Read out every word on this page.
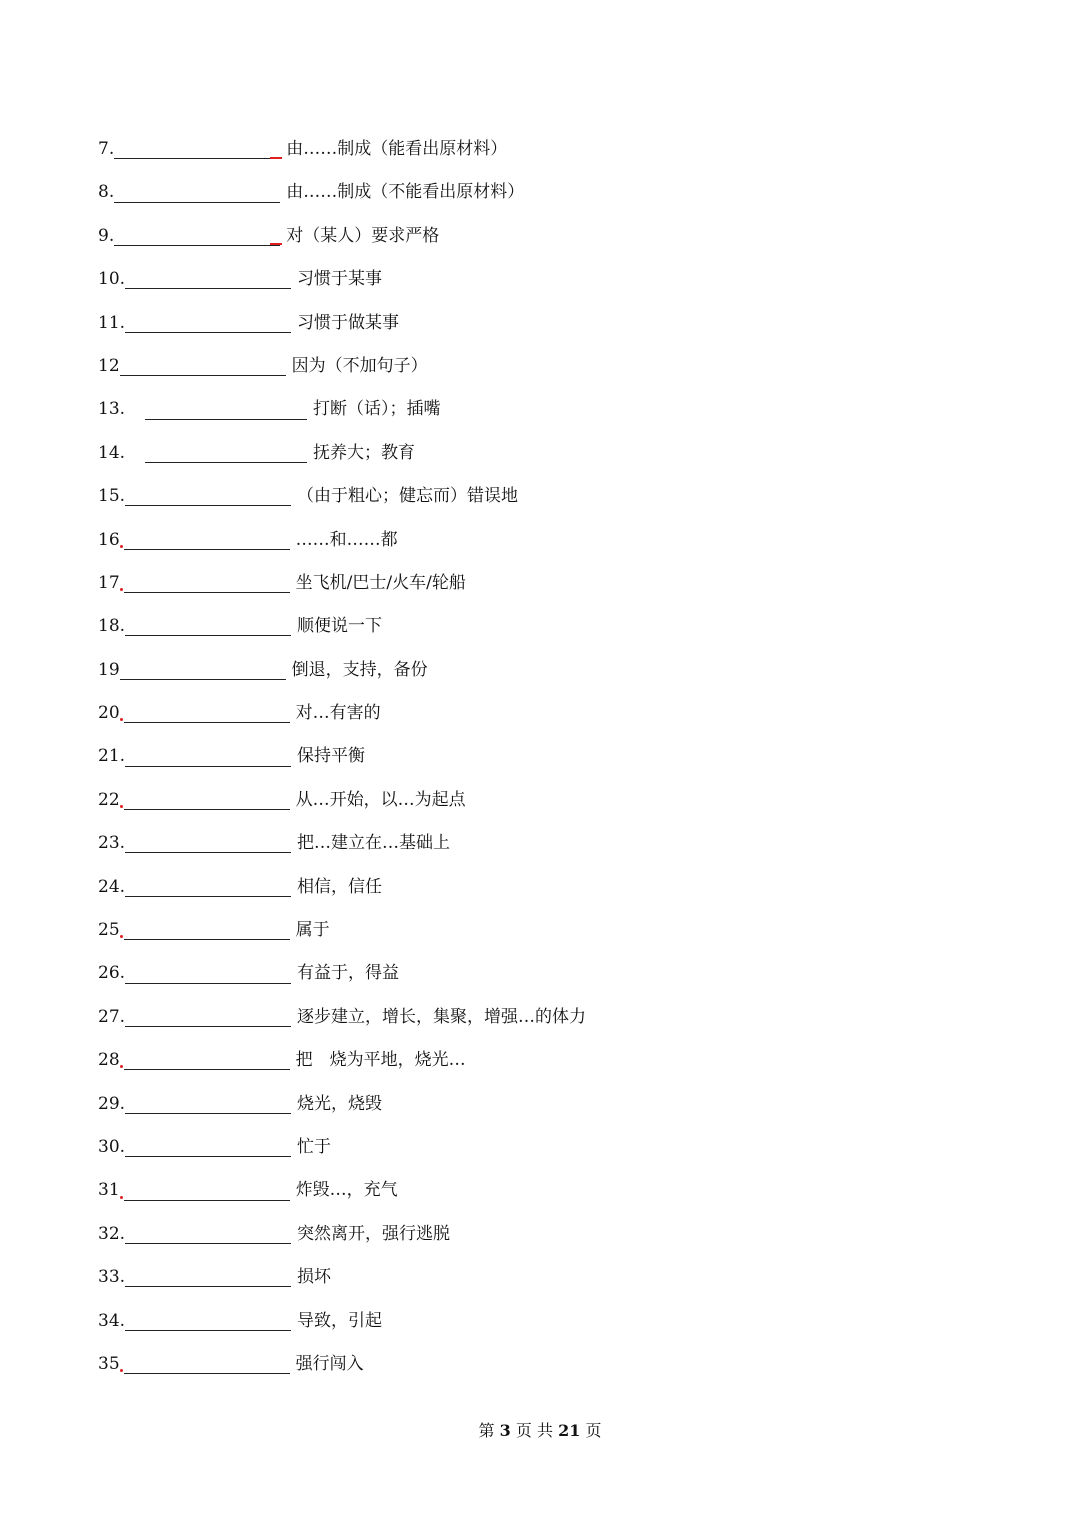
7.	由……制成（能看出原材料）
8.	由……制成（不能看出原材料）
9.	对（某人）要求严格
10.	习惯于某事
11.	习惯于做某事
12	因为（不加句子）
13.	打断（话）；插嘴
14.	抚养大；教育
15.	（由于粗心；健忘而）错误地
16	……和……都
17	坐飞机/巴士/火车/轮船
18.	顺便说一下
19	倒退，支持，备份
20	对…有害的
21.	保持平衡
22	从…开始，以…为起点
23.	把…建立在…基础上
24.	相信，信任
25	属于
26.	有益于，得益
27.	逐步建立，增长，集聚，增强…的体力
28	把　烧为平地，烧光…
29.	烧光，烧毁
30.	忙于
31	炸毁…，充气
32.	突然离开，强行逃脱
33.	损坏
34.	导致，引起
35	强行闯入
第 3 页 共 21 页
